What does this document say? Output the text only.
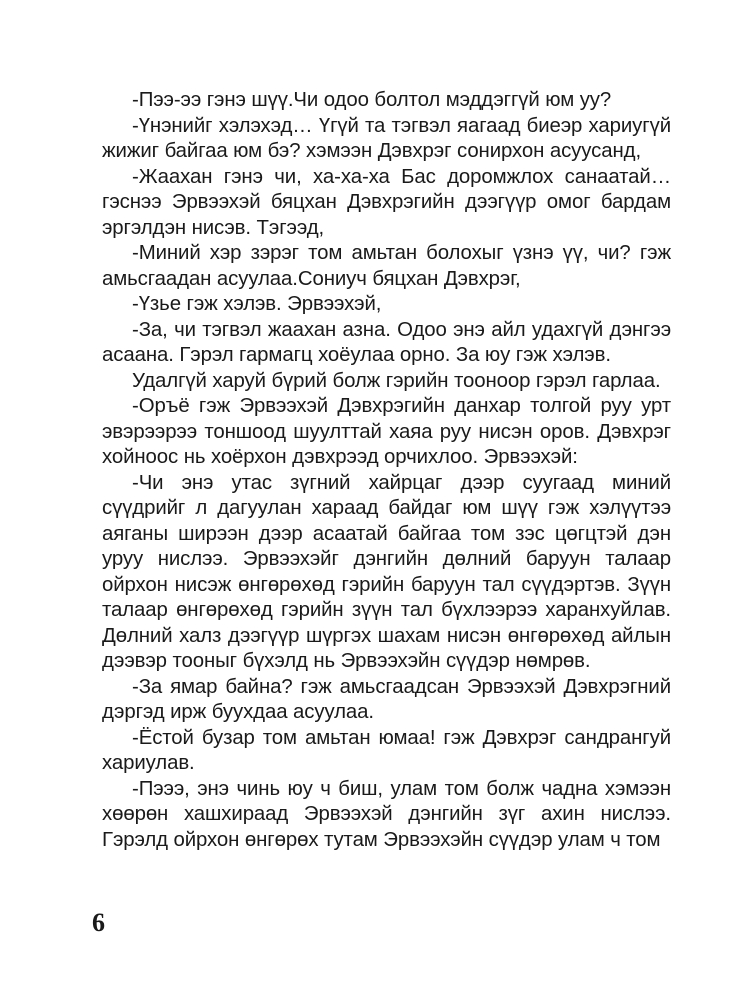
-Пээ-ээ гэнэ шүү.Чи одоо болтол мэддэггүй юм уу?

-Үнэнийг хэлэхэд… Үгүй та тэгвэл яагаад биеэр хариугүй жижиг байгаа юм бэ? хэмээн Дэвхрэг сонирхон асуусанд,

-Жаахан гэнэ чи, ха-ха-ха Бас доромжлох санаатай… гэснээ Эрвээхэй бяцхан Дэвхрэгийн дээгүүр омог бардам эргэлдэн нисэв. Тэгээд,

-Миний хэр зэрэг том амьтан болохыг үзнэ үү, чи? гэж амьсгаадан асуулаа.Сониуч бяцхан Дэвхрэг,

-Үзье гэж хэлэв. Эрвээхэй,

-За, чи тэгвэл жаахан азна. Одоо энэ айл удахгүй дэнгээ асаана. Гэрэл гармагц хоёулаа орно. За юу гэж хэлэв.

Удалгүй харуй бүрий болж гэрийн тооноор гэрэл гарлаа.

-Оръё гэж Эрвээхэй Дэвхрэгийн данхар толгой руу урт эвэрээрээ тоншоод шуулттай хаяа руу нисэн оров. Дэвхрэг хойноос нь хоёрхон дэвхрээд орчихлоо. Эрвээхэй:

-Чи энэ утас зүгний хайрцаг дээр суугаад миний сүүдрийг л дагуулан хараад байдаг юм шүү гэж хэлүүтээ аяганы ширээн дээр асаатай байгаа том зэс цөгцтэй дэн уруу нислээ. Эрвээхэйг дэнгийн дөлний баруун талаар ойрхон нисэж өнгөрөхөд гэрийн баруун тал сүүдэртэв. Зүүн талаар өнгөрөхөд гэрийн зүүн тал бүхлээрээ харанхуйлав. Дөлний халз дээгүүр шүргэх шахам нисэн өнгөрөхөд айлын дээвэр тооныг бүхэлд нь Эрвээхэйн сүүдэр нөмрөв.

-За ямар байна? гэж амьсгаадсан Эрвээхэй Дэвхрэгний дэргэд ирж буухдаа асуулаа.

-Ёстой бузар том амьтан юмаа! гэж Дэвхрэг сандрангуй хариулав.

-Пэээ, энэ чинь юу ч биш, улам том болж чадна хэмээн хөөрөн хашхираад Эрвээхэй дэнгийн зүг ахин нислээ. Гэрэлд ойрхон өнгөрөх тутам Эрвээхэйн сүүдэр улам ч том

6
